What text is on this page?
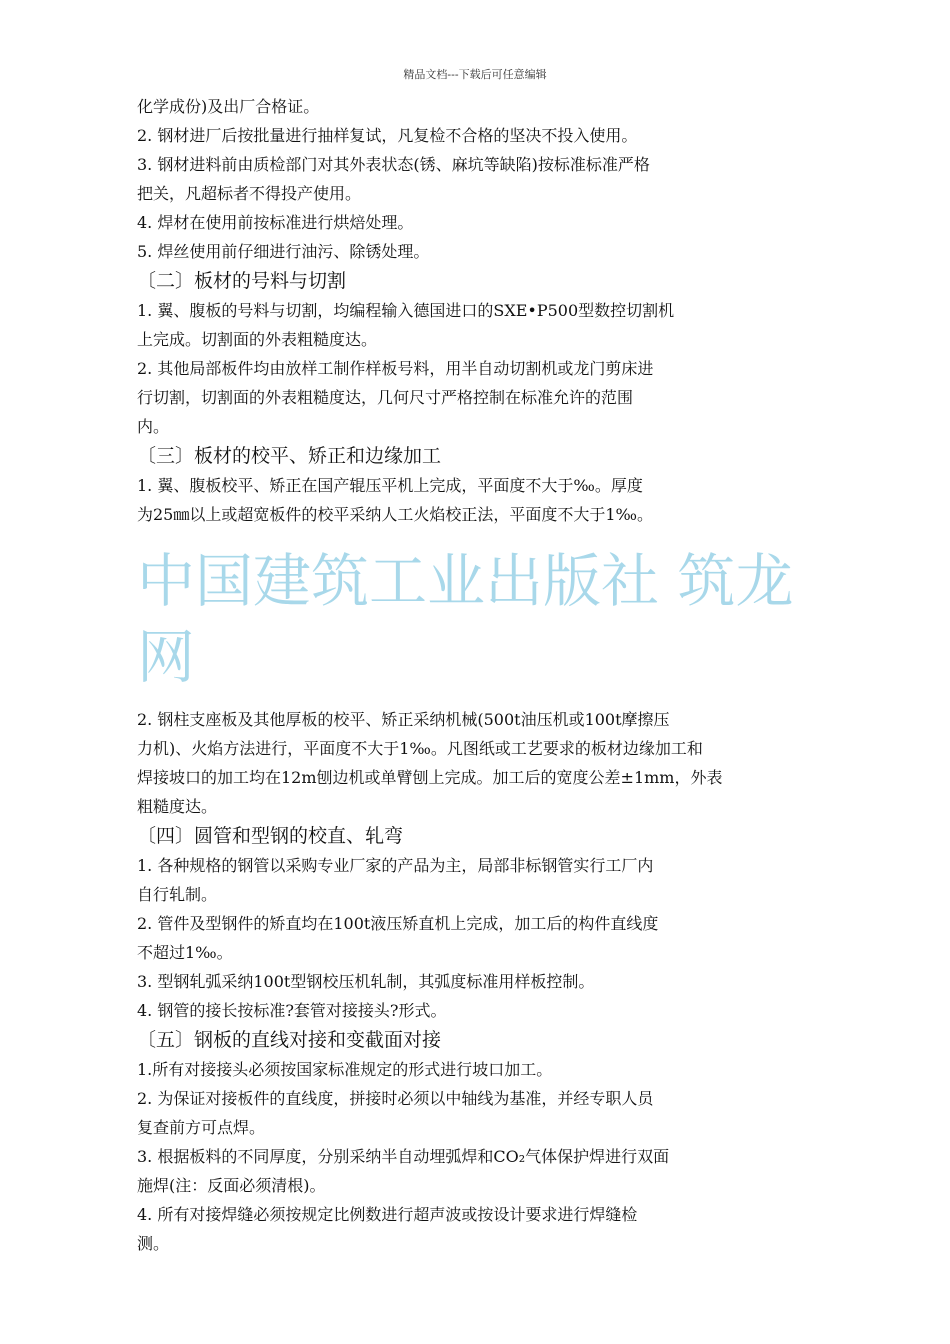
精品文档---下载后可任意编辑
化学成份)及出厂合格证。
2. 钢材进厂后按批量进行抽样复试，凡复检不合格的坚决不投入使用。
3. 钢材进料前由质检部门对其外表状态(锈、麻坑等缺陷)按标准标准严格
把关，凡超标者不得投产使用。
4. 焊材在使用前按标准进行烘焙处理。
5. 焊丝使用前仔细进行油污、除锈处理。
〔二〕板材的号料与切割
1. 翼、腹板的号料与切割，均编程输入德国进口的SXE•P500型数控切割机
上完成。切割面的外表粗糙度达。
2. 其他局部板件均由放样工制作样板号料，用半自动切割机或龙门剪床进
行切割，切割面的外表粗糙度达，几何尺寸严格控制在标准允许的范围
内。
〔三〕板材的校平、矫正和边缘加工
1. 翼、腹板校平、矫正在国产辊压平机上完成，平面度不大于‰。厚度
为25㎜以上或超宽板件的校平采纳人工火焰校正法，平面度不大于1‰。
中国建筑工业出版社 筑龙
网
2. 钢柱支座板及其他厚板的校平、矫正采纳机械(500t油压机或100t摩擦压
力机)、火焰方法进行，平面度不大于1‰。凡图纸或工艺要求的板材边缘加工和
焊接坡口的加工均在12m刨边机或单臂刨上完成。加工后的宽度公差±1mm，外表
粗糙度达。
〔四〕圆管和型钢的校直、轧弯
1. 各种规格的钢管以采购专业厂家的产品为主，局部非标钢管实行工厂内
自行轧制。
2. 管件及型钢件的矫直均在100t液压矫直机上完成，加工后的构件直线度
不超过1‰。
3. 型钢轧弧采纳100t型钢校压机轧制，其弧度标准用样板控制。
4. 钢管的接长按标准?套管对接接头?形式。
〔五〕钢板的直线对接和变截面对接
1.所有对接接头必须按国家标准规定的形式进行坡口加工。
2. 为保证对接板件的直线度，拼接时必须以中轴线为基准，并经专职人员
复查前方可点焊。
3. 根据板料的不同厚度，分别采纳半自动埋弧焊和CO₂气体保护焊进行双面
施焊(注：反面必须清根)。
4. 所有对接焊缝必须按规定比例数进行超声波或按设计要求进行焊缝检
测。
